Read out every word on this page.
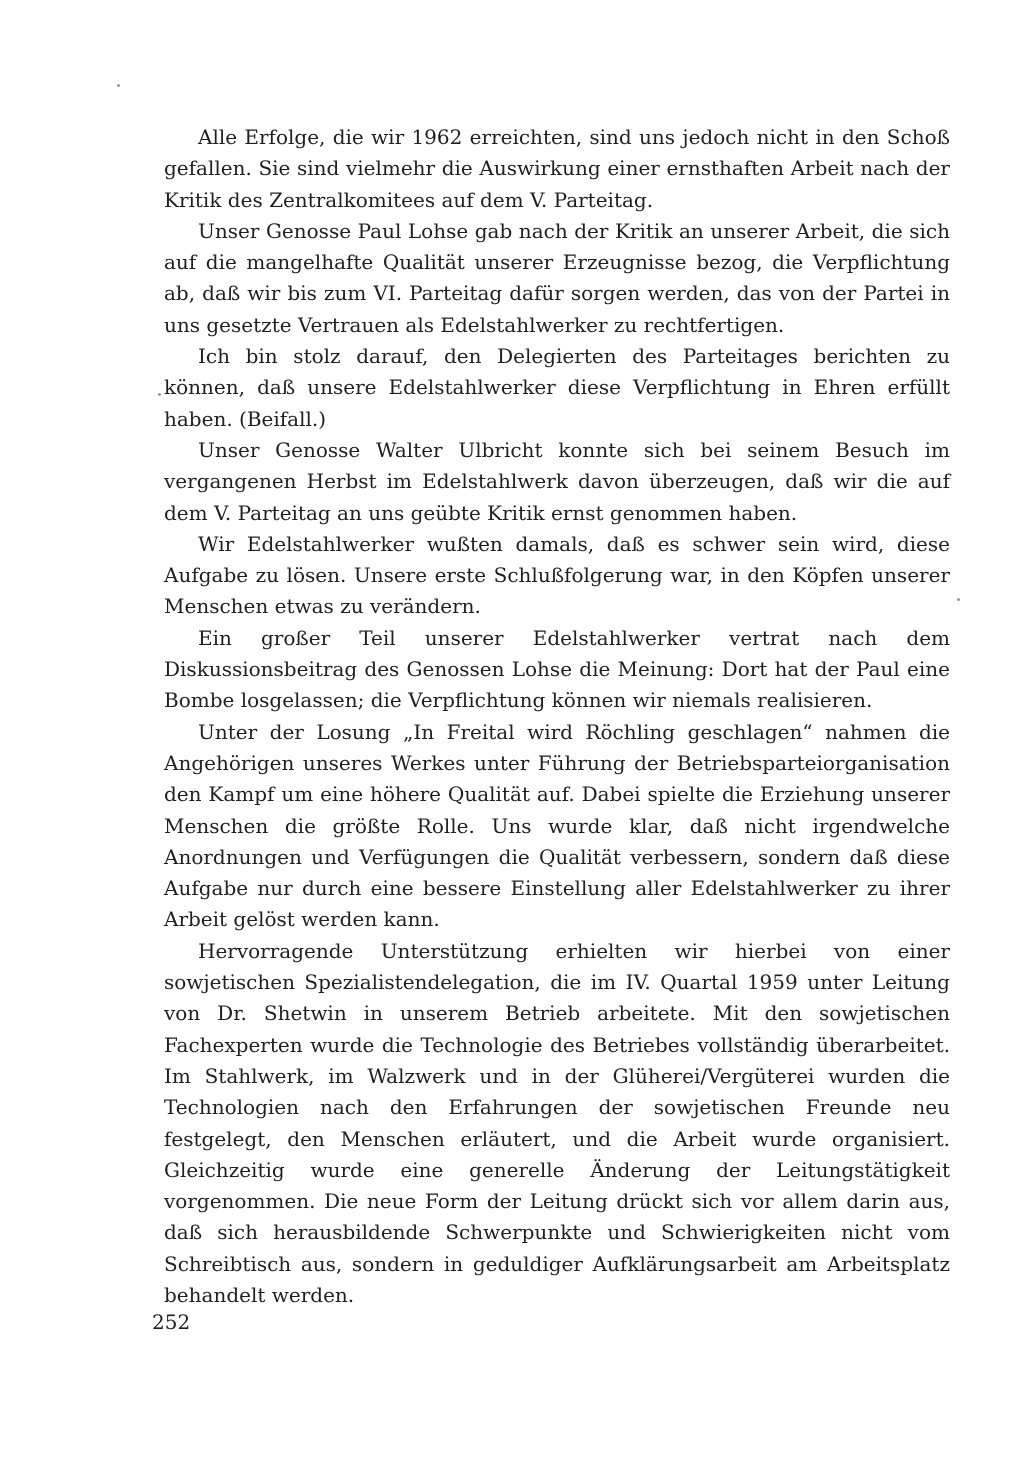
Alle Erfolge, die wir 1962 erreichten, sind uns jedoch nicht in den Schoß gefallen. Sie sind vielmehr die Auswirkung einer ernsthaften Arbeit nach der Kritik des Zentralkomitees auf dem V. Parteitag.

Unser Genosse Paul Lohse gab nach der Kritik an unserer Arbeit, die sich auf die mangelhafte Qualität unserer Erzeugnisse bezog, die Verpflichtung ab, daß wir bis zum VI. Parteitag dafür sorgen werden, das von der Partei in uns gesetzte Vertrauen als Edelstahlwerker zu rechtfertigen.

Ich bin stolz darauf, den Delegierten des Parteitages berichten zu können, daß unsere Edelstahlwerker diese Verpflichtung in Ehren erfüllt haben. (Beifall.)

Unser Genosse Walter Ulbricht konnte sich bei seinem Besuch im vergangenen Herbst im Edelstahlwerk davon überzeugen, daß wir die auf dem V. Parteitag an uns geübte Kritik ernst genommen haben.

Wir Edelstahlwerker wußten damals, daß es schwer sein wird, diese Aufgabe zu lösen. Unsere erste Schlußfolgerung war, in den Köpfen unserer Menschen etwas zu verändern.

Ein großer Teil unserer Edelstahlwerker vertrat nach dem Diskussionsbeitrag des Genossen Lohse die Meinung: Dort hat der Paul eine Bombe losgelassen; die Verpflichtung können wir niemals realisieren.

Unter der Losung „In Freital wird Röchling geschlagen“ nahmen die Angehörigen unseres Werkes unter Führung der Betriebsparteiorganisation den Kampf um eine höhere Qualität auf. Dabei spielte die Erziehung unserer Menschen die größte Rolle. Uns wurde klar, daß nicht irgendwelche Anordnungen und Verfügungen die Qualität verbessern, sondern daß diese Aufgabe nur durch eine bessere Einstellung aller Edelstahlwerker zu ihrer Arbeit gelöst werden kann.

Hervorragende Unterstützung erhielten wir hierbei von einer sowjetischen Spezialistendelegation, die im IV. Quartal 1959 unter Leitung von Dr. Shetwin in unserem Betrieb arbeitete. Mit den sowjetischen Fachexperten wurde die Technologie des Betriebes vollständig überarbeitet. Im Stahlwerk, im Walzwerk und in der Glüherei/Vergüterei wurden die Technologien nach den Erfahrungen der sowjetischen Freunde neu festgelegt, den Menschen erläutert, und die Arbeit wurde organisiert. Gleichzeitig wurde eine generelle Änderung der Leitungstätigkeit vorgenommen. Die neue Form der Leitung drückt sich vor allem darin aus, daß sich herausbildende Schwerpunkte und Schwierigkeiten nicht vom Schreibtisch aus, sondern in geduldiger Aufklärungsarbeit am Arbeitsplatz behandelt werden.

252
